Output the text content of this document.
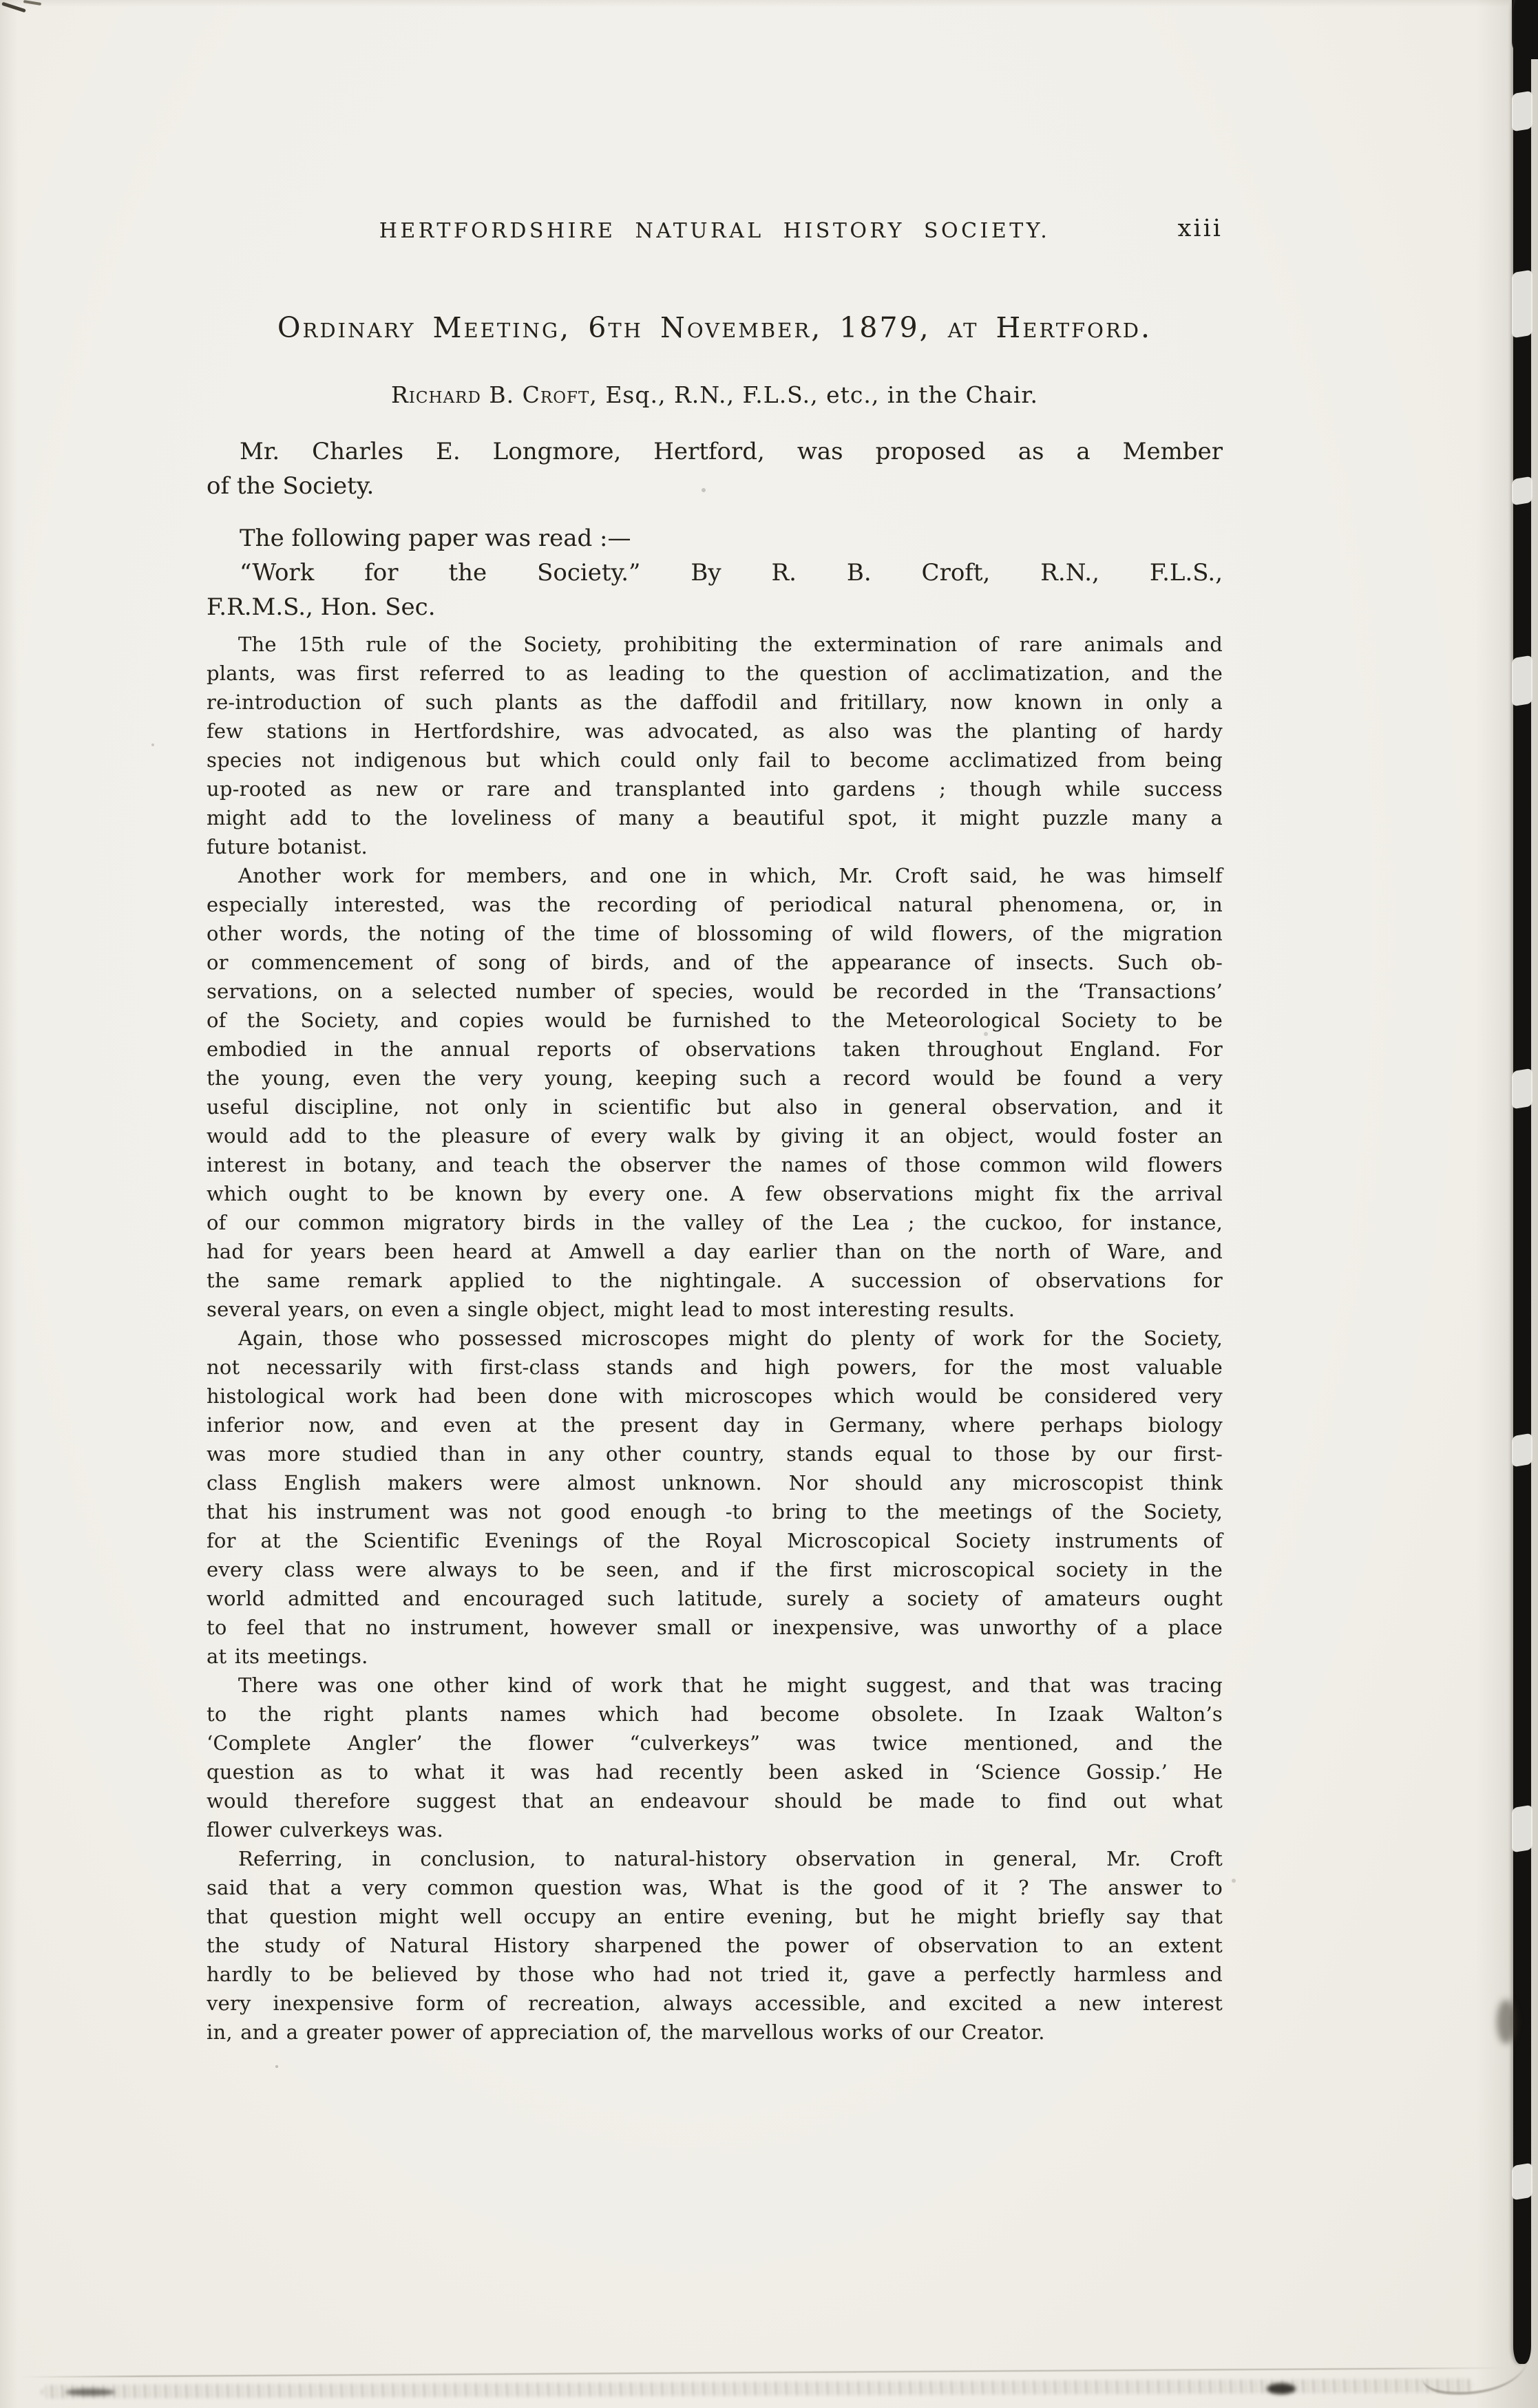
HERTFORDSHIRE NATURAL HISTORY SOCIETY.	xiii
Ordinary Meeting, 6th November, 1879, at Hertford.
Richard B. Croft, Esq., R.N., F.L.S., etc., in the Chair.
Mr. Charles E. Longmore, Hertford, was proposed as a Member
of the Society.
The following paper was read :—
“Work for the Society.” By R. B. Croft, R.N., F.L.S.,
F.R.M.S., Hon. Sec.
The 15th rule of the Society, prohibiting the extermination of rare animals and
plants, was first referred to as leading to the question of acclimatization, and the
re-introduction of such plants as the daffodil and fritillary, now known in only a
few stations in Hertfordshire, was advocated, as also was the planting of hardy
species not indigenous but which could only fail to become acclimatized from being
up-rooted as new or rare and transplanted into gardens ; though while success
might add to the loveliness of many a beautiful spot, it might puzzle many a
future botanist.
Another work for members, and one in which, Mr. Croft said, he was himself
especially interested, was the recording of periodical natural phenomena, or, in
other words, the noting of the time of blossoming of wild flowers, of the migration
or commencement of song of birds, and of the appearance of insects. Such ob-
servations, on a selected number of species, would be recorded in the ‘Transactions’
of the Society, and copies would be furnished to the Meteorological Society to be
embodied in the annual reports of observations taken throughout England. For
the young, even the very young, keeping such a record would be found a very
useful discipline, not only in scientific but also in general observation, and it
would add to the pleasure of every walk by giving it an object, would foster an
interest in botany, and teach the observer the names of those common wild flowers
which ought to be known by every one. A few observations might fix the arrival
of our common migratory birds in the valley of the Lea ; the cuckoo, for instance,
had for years been heard at Amwell a day earlier than on the north of Ware, and
the same remark applied to the nightingale. A succession of observations for
several years, on even a single object, might lead to most interesting results.
Again, those who possessed microscopes might do plenty of work for the Society,
not necessarily with first-class stands and high powers, for the most valuable
histological work had been done with microscopes which would be considered very
inferior now, and even at the present day in Germany, where perhaps biology
was more studied than in any other country, stands equal to those by our first-
class English makers were almost unknown. Nor should any microscopist think
that his instrument was not good enough -to bring to the meetings of the Society,
for at the Scientific Evenings of the Royal Microscopical Society instruments of
every class were always to be seen, and if the first microscopical society in the
world admitted and encouraged such latitude, surely a society of amateurs ought
to feel that no instrument, however small or inexpensive, was unworthy of a place
at its meetings.
There was one other kind of work that he might suggest, and that was tracing
to the right plants names which had become obsolete. In Izaak Walton’s
‘Complete Angler’ the flower “culverkeys” was twice mentioned, and the
question as to what it was had recently been asked in ‘Science Gossip.’ He
would therefore suggest that an endeavour should be made to find out what
flower culverkeys was.
Referring, in conclusion, to natural-history observation in general, Mr. Croft
said that a very common question was, What is the good of it ? The answer to
that question might well occupy an entire evening, but he might briefly say that
the study of Natural History sharpened the power of observation to an extent
hardly to be believed by those who had not tried it, gave a perfectly harmless and
very inexpensive form of recreation, always accessible, and excited a new interest
in, and a greater power of appreciation of, the marvellous works of our Creator.
